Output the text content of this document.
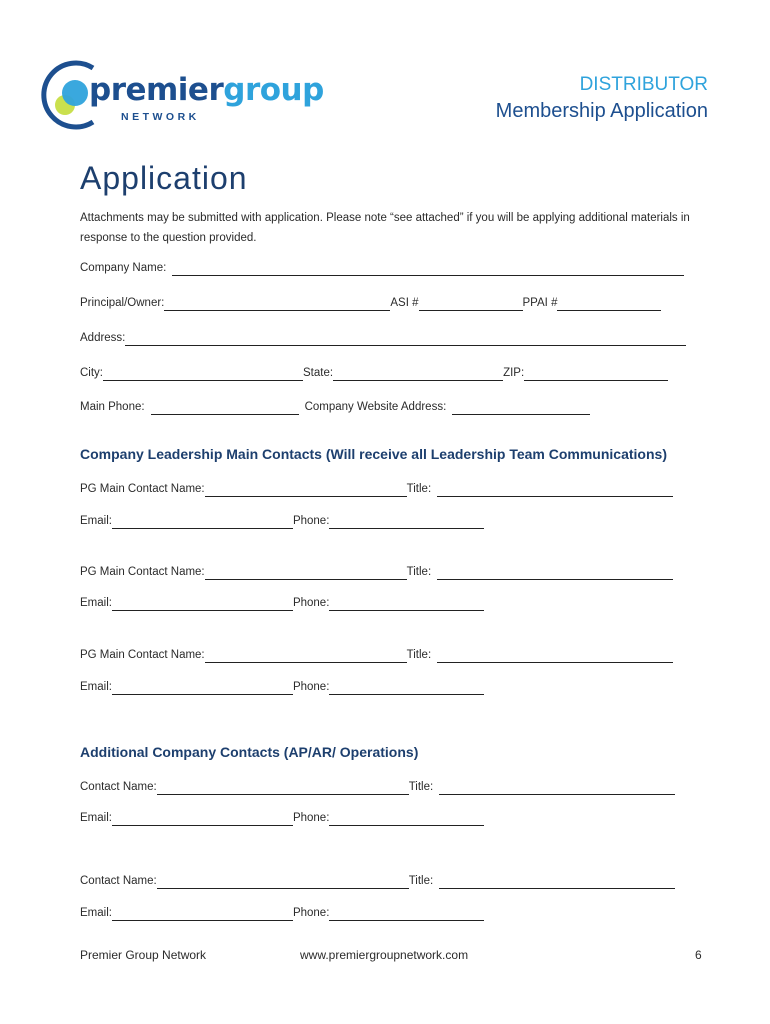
premiergroup
NETWORK
DISTRIBUTOR
Membership Application
Application
Attachments may be submitted with application. Please note “see attached” if you will be applying additional materials in response to the question provided.
Company Name:
Principal/Owner:	ASI #	PPAI #
Address:
City:	State:	ZIP:
Main Phone:	Company Website Address:
Company Leadership Main Contacts (Will receive all Leadership Team Communications)
PG Main Contact Name:	Title:
Email:	Phone:
PG Main Contact Name:	Title:
Email:	Phone:
PG Main Contact Name:	Title:
Email:	Phone:
Additional Company Contacts (AP/AR/ Operations)
Contact Name:	Title:
Email:	Phone:
Contact Name:	Title:
Email:	Phone:
Premier Group Network	www.premiergroupnetwork.com	6
